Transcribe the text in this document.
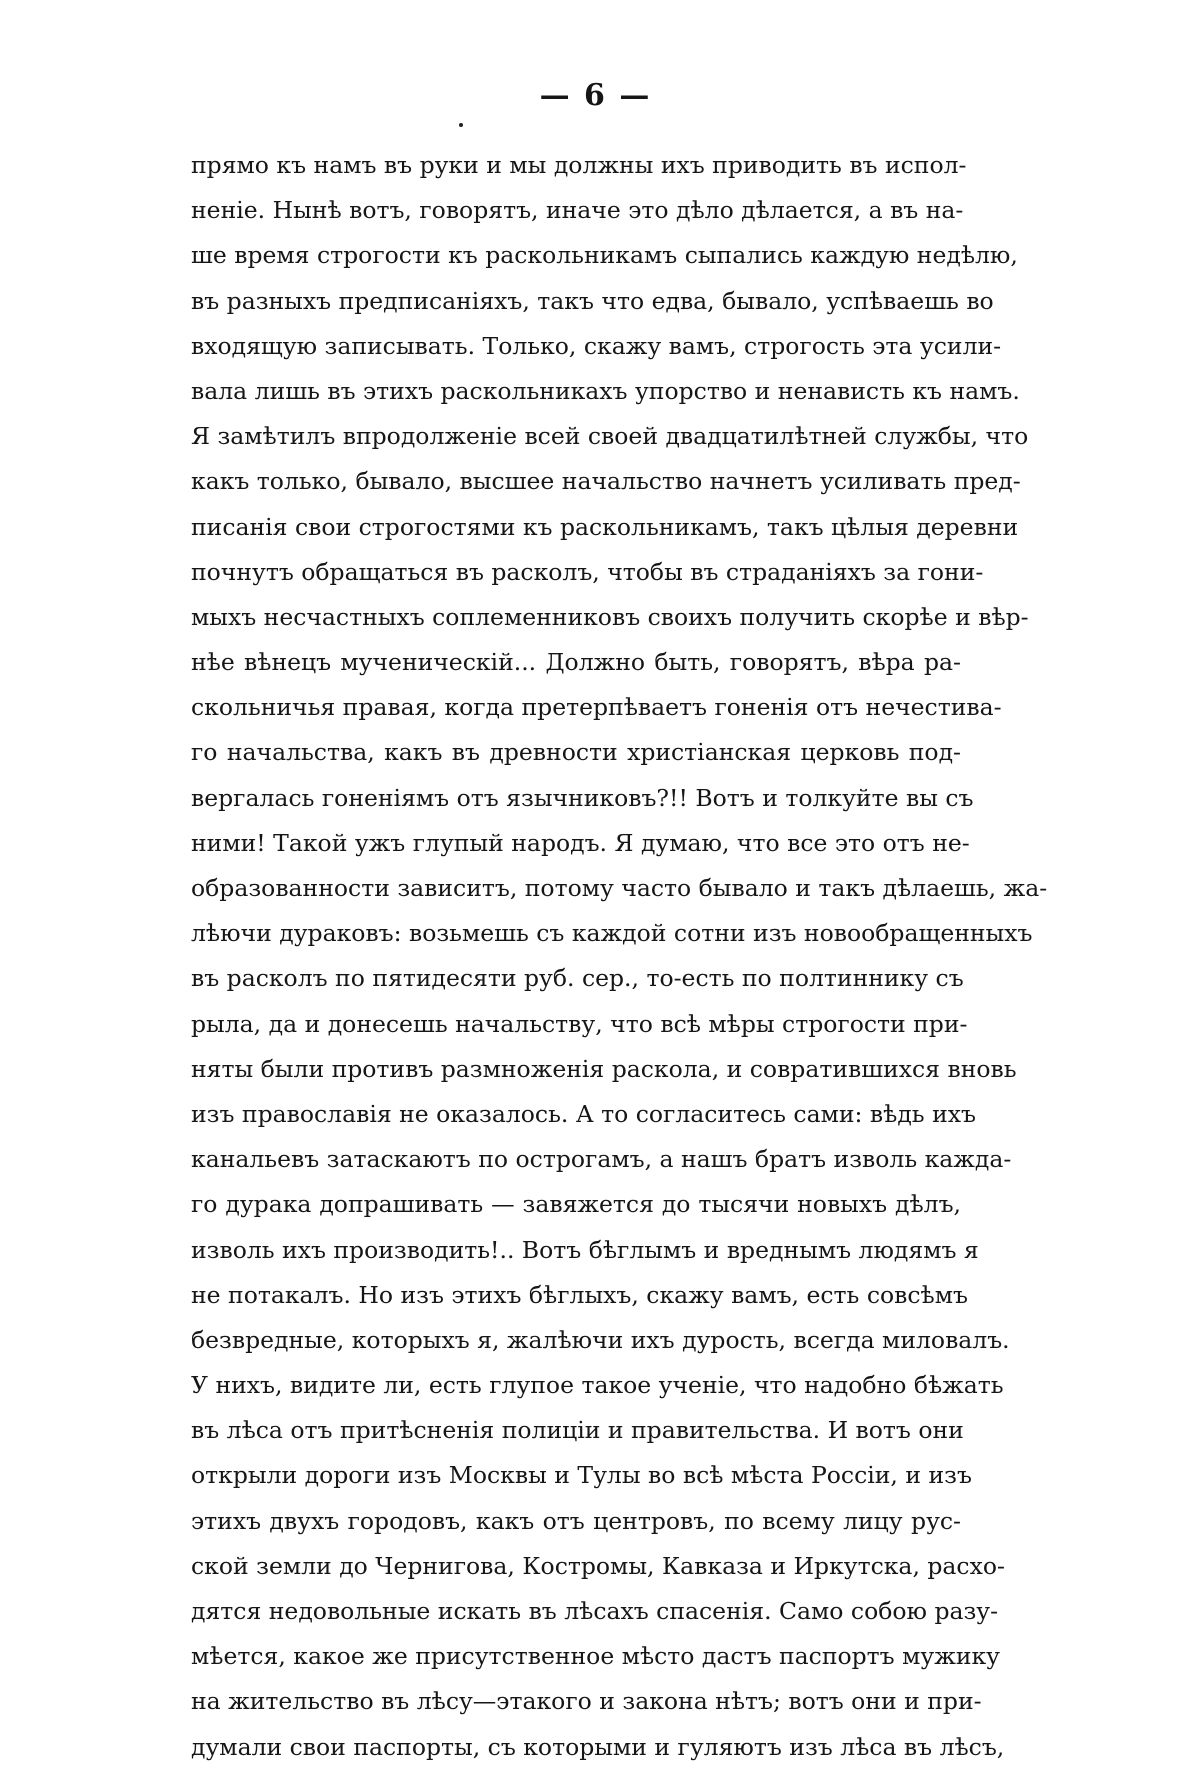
— 6 —
прямо къ намъ въ руки и мы должны ихъ приводить въ испол-
неніе. Нынѣ вотъ, говорятъ, иначе это дѣло дѣлается, а въ на-
ше время строгости къ раскольникамъ сыпались каждую недѣлю,
въ разныхъ предписаніяхъ, такъ что едва, бывало, успѣваешь во
входящую записывать. Только, скажу вамъ, строгость эта усили-
вала лишь въ этихъ раскольникахъ упорство и ненависть къ намъ.
Я замѣтилъ впродолженіе всей своей двадцатилѣтней службы, что
какъ только, бывало, высшее начальство начнетъ усиливать пред-
писанія свои строгостями къ раскольникамъ, такъ цѣлыя деревни
почнутъ обращаться въ расколъ, чтобы въ страданіяхъ за гони-
мыхъ несчастныхъ соплеменниковъ своихъ получить скорѣе и вѣр-
нѣе вѣнецъ мученическій... Должно быть, говорятъ, вѣра ра-
скольничья правая, когда претерпѣваетъ гоненія отъ нечестива-
го начальства, какъ въ древности христіанская церковь под-
вергалась гоненіямъ отъ язычниковъ?!! Вотъ и толкуйте вы съ
ними! Такой ужъ глупый народъ. Я думаю, что все это отъ не-
образованности зависитъ, потому часто бывало и такъ дѣлаешь, жа-
лѣючи дураковъ: возьмешь съ каждой сотни изъ новообращенныхъ
въ расколъ по пятидесяти руб. сер., то-есть по полтиннику съ
рыла, да и донесешь начальству, что всѣ мѣры строгости при-
няты были противъ размноженія раскола, и совратившихся вновь
изъ православія не оказалось. А то согласитесь сами: вѣдь ихъ
канальевъ затаскаютъ по острогамъ, а нашъ братъ изволь кажда-
го дурака допрашивать — завяжется до тысячи новыхъ дѣлъ,
изволь ихъ производить!.. Вотъ бѣглымъ и вреднымъ людямъ я
не потакалъ. Но изъ этихъ бѣглыхъ, скажу вамъ, есть совсѣмъ
безвредные, которыхъ я, жалѣючи ихъ дурость, всегда миловалъ.
У нихъ, видите ли, есть глупое такое ученіе, что надобно бѣжать
въ лѣса отъ притѣсненія полиціи и правительства. И вотъ они
открыли дороги изъ Москвы и Тулы во всѣ мѣста Россіи, и изъ
этихъ двухъ городовъ, какъ отъ центровъ, по всему лицу рус-
ской земли до Чернигова, Костромы, Кавказа и Иркутска, расхо-
дятся недовольные искать въ лѣсахъ спасенія. Само собою разу-
мѣется, какое же присутственное мѣсто дастъ паспортъ мужику
на жительство въ лѣсу—этакого и закона нѣтъ; вотъ они и при-
думали свои паспорты, съ которыми и гуляютъ изъ лѣса въ лѣсъ,
